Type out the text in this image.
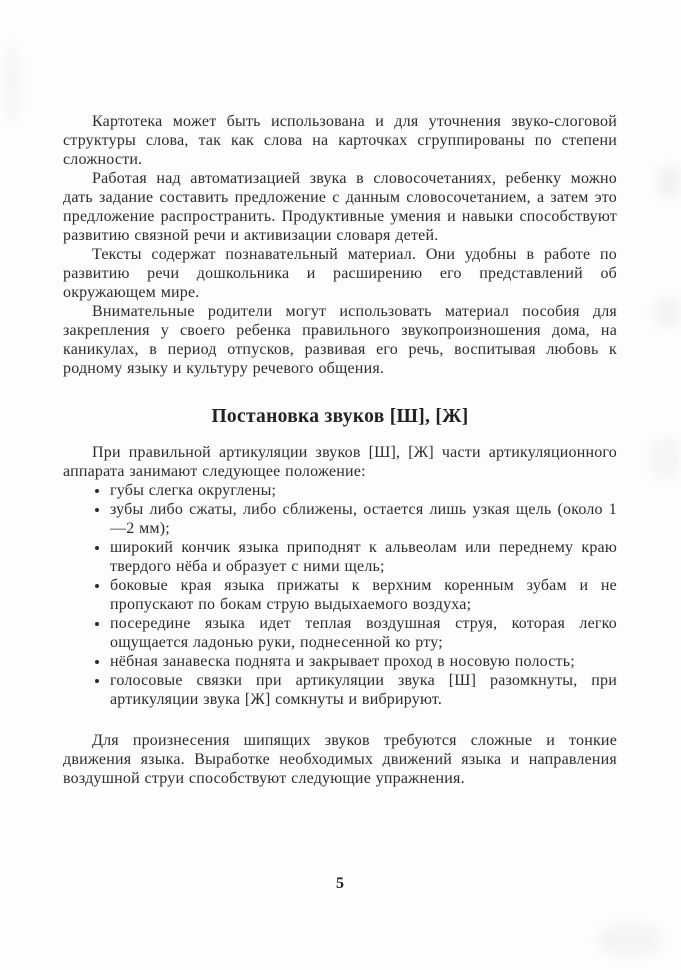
Картотека может быть использована и для уточнения звуко-слоговой структуры слова, так как слова на карточках сгруппированы по степени сложности.

Работая над автоматизацией звука в словосочетаниях, ребенку можно дать задание составить предложение с данным словосочетанием, а затем это предложение распространить. Продуктивные умения и навыки способствуют развитию связной речи и активизации словаря детей.

Тексты содержат познавательный материал. Они удобны в работе по развитию речи дошкольника и расширению его представлений об окружающем мире.

Внимательные родители могут использовать материал пособия для закрепления у своего ребенка правильного звукопроизношения дома, на каникулах, в период отпусков, развивая его речь, воспитывая любовь к родному языку и культуру речевого общения.

Постановка звуков [Ш], [Ж]

При правильной артикуляции звуков [Ш], [Ж] части артикуляционного аппарата занимают следующее положение:

• губы слегка округлены;
• зубы либо сжаты, либо сближены, остается лишь узкая щель (около 1—2 мм);
• широкий кончик языка приподнят к альвеолам или переднему краю твердого нёба и образует с ними щель;
• боковые края языка прижаты к верхним коренным зубам и не пропускают по бокам струю выдыхаемого воздуха;
• посередине языка идет теплая воздушная струя, которая легко ощущается ладонью руки, поднесенной ко рту;
• нёбная занавеска поднята и закрывает проход в носовую полость;
• голосовые связки при артикуляции звука [Ш] разомкнуты, при артикуляции звука [Ж] сомкнуты и вибрируют.

Для произнесения шипящих звуков требуются сложные и тонкие движения языка. Выработке необходимых движений языка и направления воздушной струи способствуют следующие упражнения.

5
